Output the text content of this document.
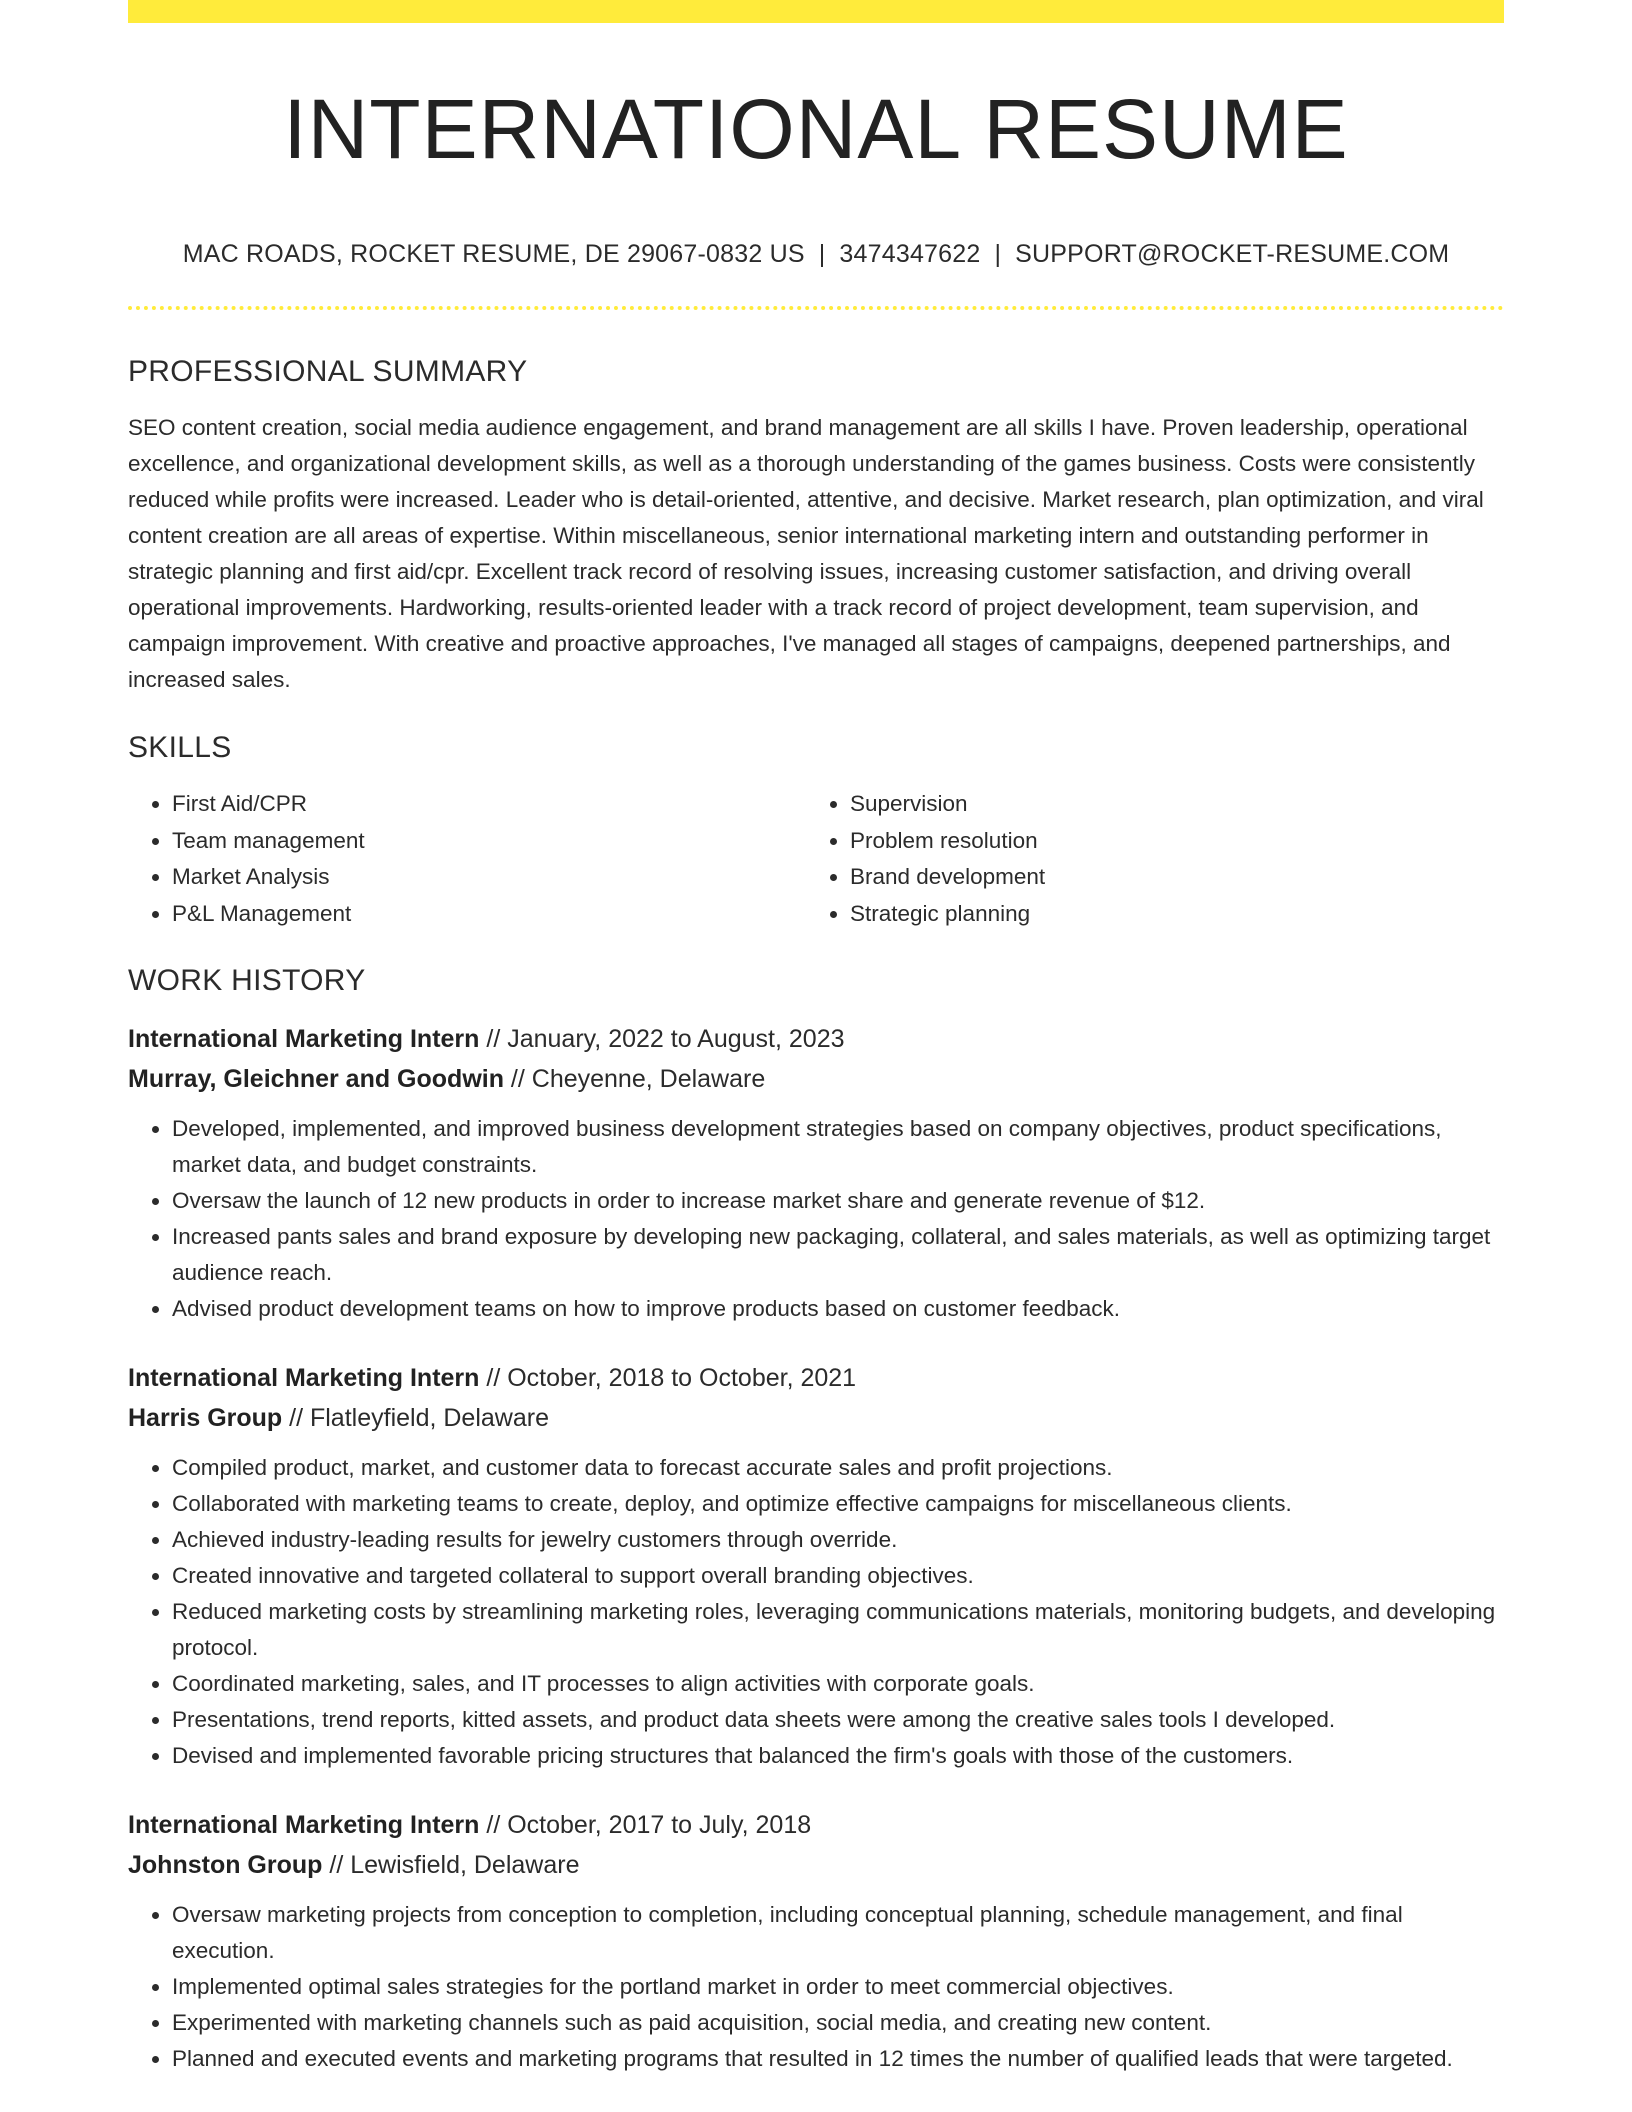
INTERNATIONAL RESUME
MAC ROADS, ROCKET RESUME, DE 29067-0832 US | 3474347622 | SUPPORT@ROCKET-RESUME.COM
PROFESSIONAL SUMMARY
SEO content creation, social media audience engagement, and brand management are all skills I have. Proven leadership, operational excellence, and organizational development skills, as well as a thorough understanding of the games business. Costs were consistently reduced while profits were increased. Leader who is detail-oriented, attentive, and decisive. Market research, plan optimization, and viral content creation are all areas of expertise. Within miscellaneous, senior international marketing intern and outstanding performer in strategic planning and first aid/cpr. Excellent track record of resolving issues, increasing customer satisfaction, and driving overall operational improvements. Hardworking, results-oriented leader with a track record of project development, team supervision, and campaign improvement. With creative and proactive approaches, I've managed all stages of campaigns, deepened partnerships, and increased sales.
SKILLS
• First Aid/CPR
• Team management
• Market Analysis
• P&L Management
• Supervision
• Problem resolution
• Brand development
• Strategic planning
WORK HISTORY
International Marketing Intern // January, 2022 to August, 2023
Murray, Gleichner and Goodwin // Cheyenne, Delaware
• Developed, implemented, and improved business development strategies based on company objectives, product specifications, market data, and budget constraints.
• Oversaw the launch of 12 new products in order to increase market share and generate revenue of $12.
• Increased pants sales and brand exposure by developing new packaging, collateral, and sales materials, as well as optimizing target audience reach.
• Advised product development teams on how to improve products based on customer feedback.
International Marketing Intern // October, 2018 to October, 2021
Harris Group // Flatleyfield, Delaware
• Compiled product, market, and customer data to forecast accurate sales and profit projections.
• Collaborated with marketing teams to create, deploy, and optimize effective campaigns for miscellaneous clients.
• Achieved industry-leading results for jewelry customers through override.
• Created innovative and targeted collateral to support overall branding objectives.
• Reduced marketing costs by streamlining marketing roles, leveraging communications materials, monitoring budgets, and developing protocol.
• Coordinated marketing, sales, and IT processes to align activities with corporate goals.
• Presentations, trend reports, kitted assets, and product data sheets were among the creative sales tools I developed.
• Devised and implemented favorable pricing structures that balanced the firm's goals with those of the customers.
International Marketing Intern // October, 2017 to July, 2018
Johnston Group // Lewisfield, Delaware
• Oversaw marketing projects from conception to completion, including conceptual planning, schedule management, and final execution.
• Implemented optimal sales strategies for the portland market in order to meet commercial objectives.
• Experimented with marketing channels such as paid acquisition, social media, and creating new content.
• Planned and executed events and marketing programs that resulted in 12 times the number of qualified leads that were targeted.
